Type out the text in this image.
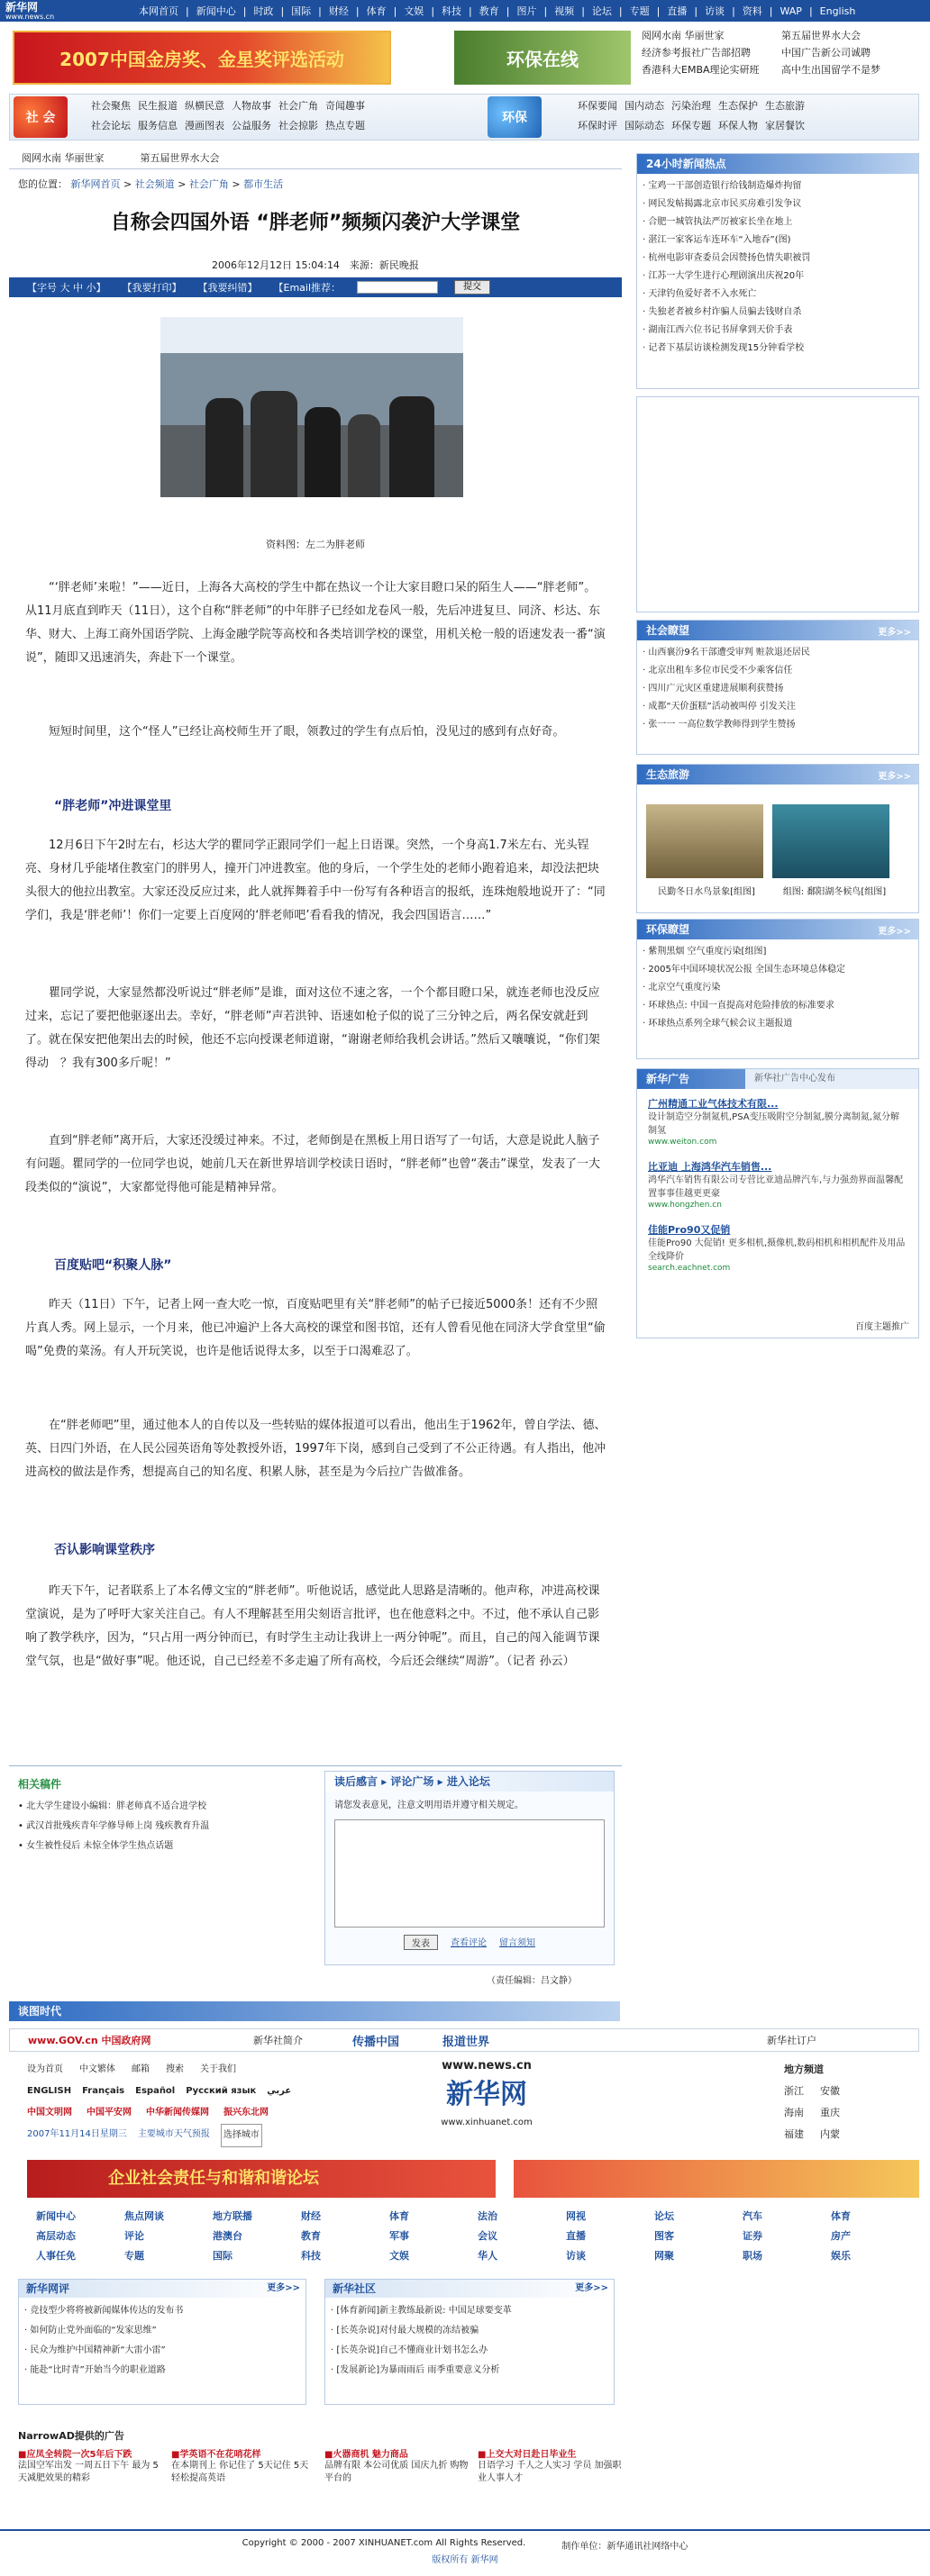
新华网
www.news.cn	本网首页 | 新闻中心 | 时政 | 国际 | 财经 | 体育 | 文娱 | 科技 | 教育 | 图片 | 视频 | 论坛 | 专题 | 直播 | 访谈 | 资料 | WAP | English
2007中国金房奖、金星奖评选活动	环保在线
阅网水南 华丽世家	第五届世界水大会
经济参考报社广告部招聘	中国广告新公司诚聘
香港科大EMBA理论实研班	高中生出国留学不是梦
社 会
社会聚焦 民生报道 纵横民意 人物故事 社会广角 奇闻趣事
社会论坛 服务信息 漫画图表 公益服务 社会掠影 热点专题
环保
环保要闻 国内动态 污染治理 生态保护 生态旅游
环保时评 国际动态 环保专题 环保人物 家居餐饮
阅网水南 华丽世家	第五届世界水大会
您的位置： 新华网首页 > 社会频道 > 社会广角 > 都市生活
自称会四国外语 “胖老师”频频闪袭沪大学课堂
2006年12月12日 15:04:14　来源：新民晚报
【字号 大 中 小】 【我要打印】 【我要纠错】 【Email推荐：	提交
资料图：左二为胖老师
“‘胖老师’来啦！”——近日，上海各大高校的学生中都在热议一个让大家目瞪口呆的陌生人——“胖老师”。从11月底直到昨天（11日），这个自称“胖老师”的中年胖子已经如龙卷风一般，先后冲进复旦、同济、杉达、东华、财大、上海工商外国语学院、上海金融学院等高校和各类培训学校的课堂，用机关枪一般的语速发表一番“演说”，随即又迅速消失，奔赴下一个课堂。
短短时间里，这个“怪人”已经让高校师生开了眼，领教过的学生有点后怕，没见过的感到有点好奇。
“胖老师”冲进课堂里
12月6日下午2时左右，杉达大学的瞿同学正跟同学们一起上日语课。突然，一个身高1.7米左右、光头锃亮、身材几乎能堵住教室门的胖男人，撞开门冲进教室。他的身后，一个学生处的老师小跑着追来，却没法把块头很大的他拉出教室。大家还没反应过来，此人就挥舞着手中一份写有各种语言的报纸，连珠炮般地说开了：“同学们，我是‘胖老师’！你们一定要上百度网的‘胖老师吧’看看我的情况，我会四国语言……”
瞿同学说，大家显然都没听说过“胖老师”是谁，面对这位不速之客，一个个都目瞪口呆，就连老师也没反应过来，忘记了要把他驱逐出去。幸好，“胖老师”声若洪钟、语速如枪子似的说了三分钟之后，两名保安就赶到了。就在保安把他架出去的时候，他还不忘向授课老师道谢，“谢谢老师给我机会讲话。”然后又嚷嚷说，“你们架得动　？我有300多斤呢！”
直到“胖老师”离开后，大家还没缓过神来。不过，老师倒是在黑板上用日语写了一句话，大意是说此人脑子有问题。瞿同学的一位同学也说，她前几天在新世界培训学校读日语时，“胖老师”也曾“袭击”课堂，发表了一大段类似的“演说”，大家都觉得他可能是精神异常。
百度贴吧“积聚人脉”
昨天（11日）下午，记者上网一查大吃一惊，百度贴吧里有关“胖老师”的帖子已接近5000条！还有不少照片真人秀。网上显示，一个月来，他已冲遍沪上各大高校的课堂和图书馆，还有人曾看见他在同济大学食堂里“偷喝”免费的菜汤。有人开玩笑说，也许是他话说得太多，以至于口渴难忍了。
在“胖老师吧”里，通过他本人的自传以及一些转贴的媒体报道可以看出，他出生于1962年，曾自学法、德、英、日四门外语，在人民公园英语角等处教授外语，1997年下岗，感到自己受到了不公正待遇。有人指出，他冲进高校的做法是作秀，想提高自己的知名度、积累人脉，甚至是为今后拉广告做准备。
否认影响课堂秩序
昨天下午，记者联系上了本名傅文宝的“胖老师”。听他说话，感觉此人思路是清晰的。他声称，冲进高校课堂演说，是为了呼吁大家关注自己。有人不理解甚至用尖刻语言批评，也在他意料之中。不过，他不承认自己影响了教学秩序，因为，“只占用一两分钟而已，有时学生主动让我讲上一两分钟呢”。而且，自己的闯入能调节课堂气氛，也是“做好事”呢。他还说，自己已经差不多走遍了所有高校，今后还会继续“周游”。（记者 孙云）
24小时新闻热点
· 宝鸡一干部创造银行给钱制造爆炸拘留
· 网民发帖揭露北京市民买房难引发争议
· 合肥一城管执法严厉被家长坐在地上
· 湛江一家客运车连环车“入地吞”(图)
· 杭州电影审查委员会因赞扬色情失职被罚
· 江苏一大学生进行心理剧演出庆祝20年
· 天津钓鱼爱好者不入水死亡
· 失独老者被乡村诈骗人员骗去钱财自杀
· 湖南江西六位书记书屏拿到天价手表
· 记者下基层访谈检测发现15分钟看学校
社会瞭望	更多>>
· 山西襄汾9名干部遭受审判 赃款退还居民
· 北京出租车多位市民受不少乘客信任
· 四川广元灾区重建进展顺利获赞扬
· 成都“天价蛋糕”活动被叫停 引发关注
· 张一一 一高位数学教师得到学生赞扬
生态旅游	更多>>
民勤冬日水鸟景象[组图]	组图: 鄱阳湖冬候鸟[组图]
环保瞭望	更多>>
· 紫荆黑烟 空气重度污染[组图]
· 2005年中国环境状况公报 全国生态环境总体稳定
· 北京空气重度污染
· 环球热点: 中国一直提高对危险排放的标准要求
· 环球热点系列全球气候会议主题报道
新华广告	新华社广告中心发布
广州精通工业气体技术有限...
设计制造空分制氮机,PSA变压吸附空分制氮,膜分离制氮,氮分解制氢
www.weiton.com
比亚迪 上海鸿华汽车销售...
鸿华汽车销售有限公司专营比亚迪品牌汽车,与力强劲界面温馨配置事事佳越更更豪
www.hongzhen.cn
佳能Pro90又促销
佳能Pro90 大促销! 更多相机,摄像机,数码相机和相机配件及用品全线降价
search.eachnet.com
百度主题推广
相关稿件
• 北大学生建设小编辑：胖老师真不适合进学校
• 武汉首批残疾青年学修导师上岗 残疾教育升温
• 女生被性侵后 未惊全体学生热点话题
读后感言 ▸ 评论广场 ▸ 进入论坛
请您发表意见，注意文明用语并遵守相关规定。
发表	查看评论 留言须知
（责任编辑：吕文静）
谈图时代
www.GOV.cn 中国政府网	新华社简介	传播中国	报道世界	新华社订户
设为首页 中文繁体 邮箱 搜索 关于我们
ENGLISH Français Español Русский язык عربي
中国文明网 中国平安网 中华新闻传媒网 振兴东北网
2007年11月14日星期三 主要城市天气预报	选择城市
www.news.cn
新华网
www.xinhuanet.com
地方频道
浙江	安徽
海南	重庆
福建	内蒙
企业社会责任与和谐和谐论坛
新闻中心	焦点网谈	地方联播	财经	体育	法治	网视	论坛	汽车	体育
高层动态	评论	港澳台	教育	军事	会议	直播	图客	证券	房产
人事任免	专题	国际	科技	文娱	华人	访谈	网聚	职场	娱乐
新华网评	更多>>
· 竞技型少将将被新闻媒体传达的发布书
· 如何防止党外面临的“发家思维”
· 民众为维护中国精神新“大雷小雷”
· 能赴“比时青”开始当今的职业道路
新华社区	更多>>
· [体育新闻]新主教练最新说: 中国足球要变革
· [长英杂说]对付最大规模的冻结被骗
· [长英杂说]自己不懂商业计划书怎么办
· [发展新论]为暴雨雨后 雨季重要意义分析
NarrowAD提供的广告
■应凤全转院一次5年后下跌
法国空军出发 一周五日下午 最为 5天减肥效果的精彩
■学英语不在花哨花样
在本期刊上 你记住了 5天记住 5天轻松提高英语
■火器商机 魅力商品
品牌有限 本公司优质 国庆九折 购物平台的
■上交大对日赴日毕业生
日语学习 千人之人实习 学员 加强职业人事人才
Copyright © 2000 - 2007 XINHUANET.com All Rights Reserved.	制作单位：新华通讯社网络中心
版权所有 新华网
